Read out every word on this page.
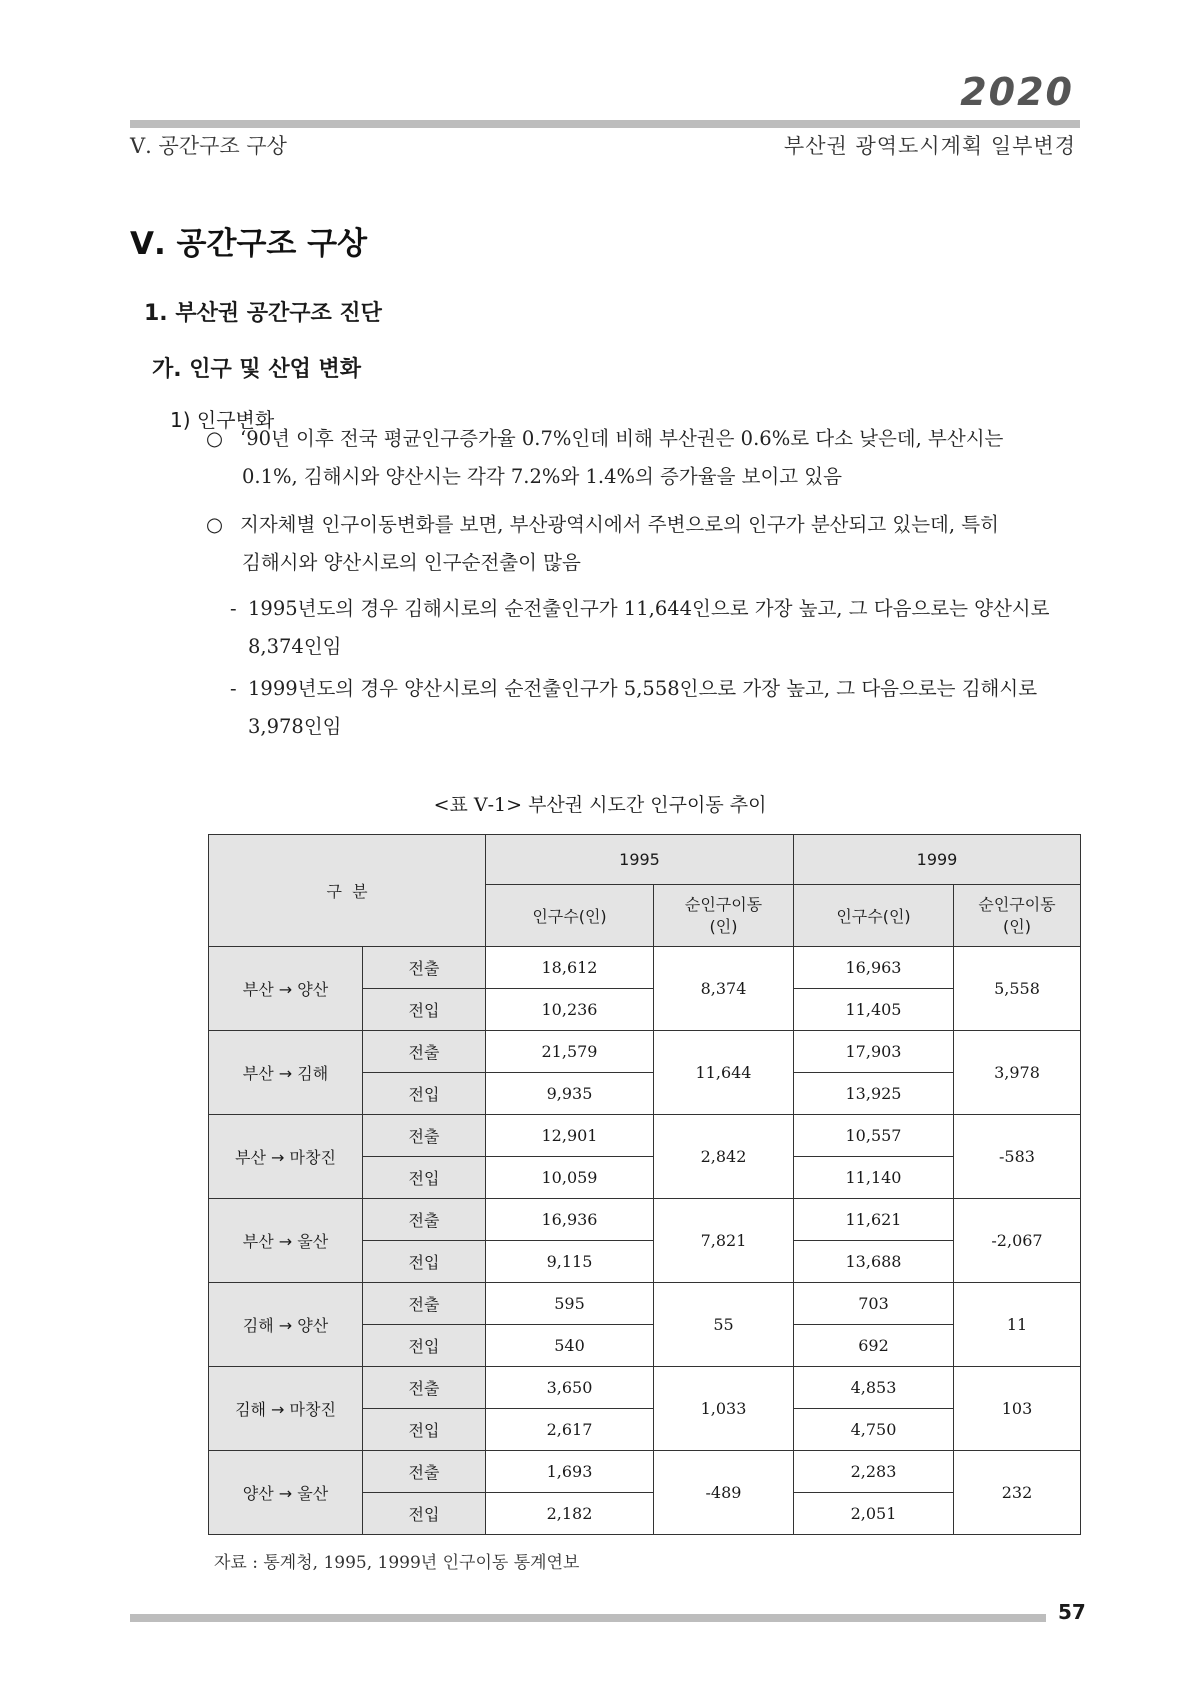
2020
Ⅴ. 공간구조 구상	부산권 광역도시계획 일부변경
Ⅴ. 공간구조 구상
1. 부산권 공간구조 진단
가. 인구 및 산업 변화
1) 인구변화
○ ‘90년 이후 전국 평균인구증가율 0.7%인데 비해 부산권은 0.6%로 다소 낮은데, 부산시는
0.1%, 김해시와 양산시는 각각 7.2%와 1.4%의 증가율을 보이고 있음
○ 지자체별 인구이동변화를 보면, 부산광역시에서 주변으로의 인구가 분산되고 있는데, 특히
김해시와 양산시로의 인구순전출이 많음
- 1995년도의 경우 김해시로의 순전출인구가 11,644인으로 가장 높고, 그 다음으로는 양산시로
8,374인임
- 1999년도의 경우 양산시로의 순전출인구가 5,558인으로 가장 높고, 그 다음으로는 김해시로
3,978인임
<표 Ⅴ-1> 부산권 시도간 인구이동 추이
구  분		1995		1999	
		인구수(인)	순인구이동
(인)	인구수(인)	순인구이동
(인)
부산 → 양산	전출	18,612	8,374	16,963	5,558
	전입	10,236		11,405	
부산 → 김해	전출	21,579	11,644	17,903	3,978
	전입	9,935		13,925	
부산 → 마창진	전출	12,901	2,842	10,557	-583
	전입	10,059		11,140	
부산 → 울산	전출	16,936	7,821	11,621	-2,067
	전입	9,115		13,688	
김해 → 양산	전출	595	55	703	11
	전입	540		692	
김해 → 마창진	전출	3,650	1,033	4,853	103
	전입	2,617		4,750	
양산 → 울산	전출	1,693	-489	2,283	232
	전입	2,182		2,051	
자료 : 통계청, 1995, 1999년 인구이동 통계연보
57
